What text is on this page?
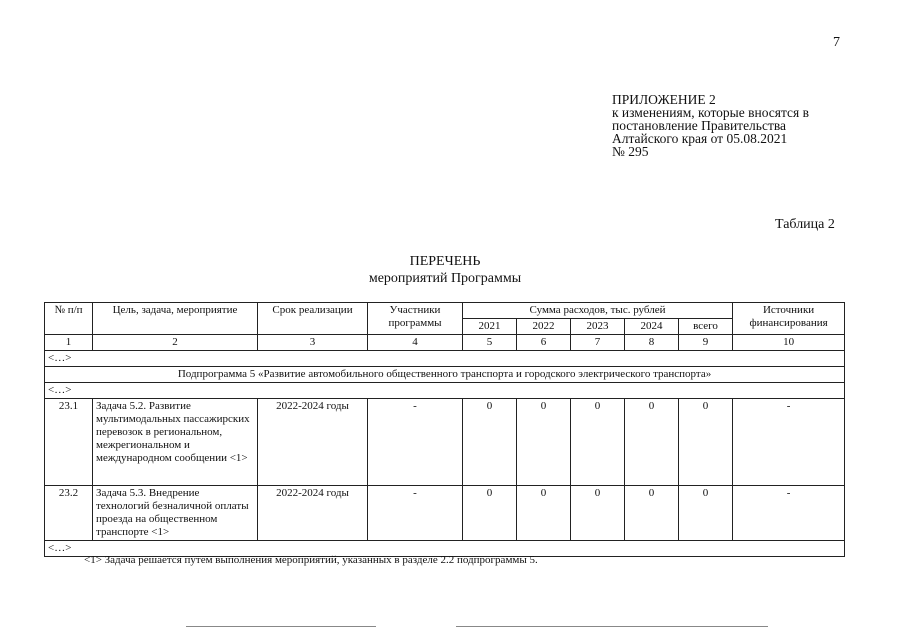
7
ПРИЛОЖЕНИЕ 2
к изменениям, которые вносятся в
постановление Правительства
Алтайского края от 05.08.2021
№ 295
Таблица 2
ПЕРЕЧЕНЬ
мероприятий Программы
№ п/п	Цель, задача, мероприятие	Срок реализации	Участники программы	Сумма расходов, тыс. рублей					Источники финансирования
				2021	2022	2023	2024	всего	
1	2	3	4	5	6	7	8	9	10
<…>									
Подпрограмма 5 «Развитие автомобильного общественного транспорта и городского электрического транспорта»									
<…>									
23.1	Задача 5.2. Развитие мультимодальных пассажирских перевозок в региональном, межрегиональном и международном сообщении <1>	2022-2024 годы	-	0	0	0	0	0	-
23.2	Задача 5.3. Внедрение технологий безналичной оплаты проезда на общественном транспорте <1>	2022-2024 годы	-	0	0	0	0	0	-
<…>									
<1> Задача решается путем выполнения мероприятий, указанных в разделе 2.2 подпрограммы 5.
